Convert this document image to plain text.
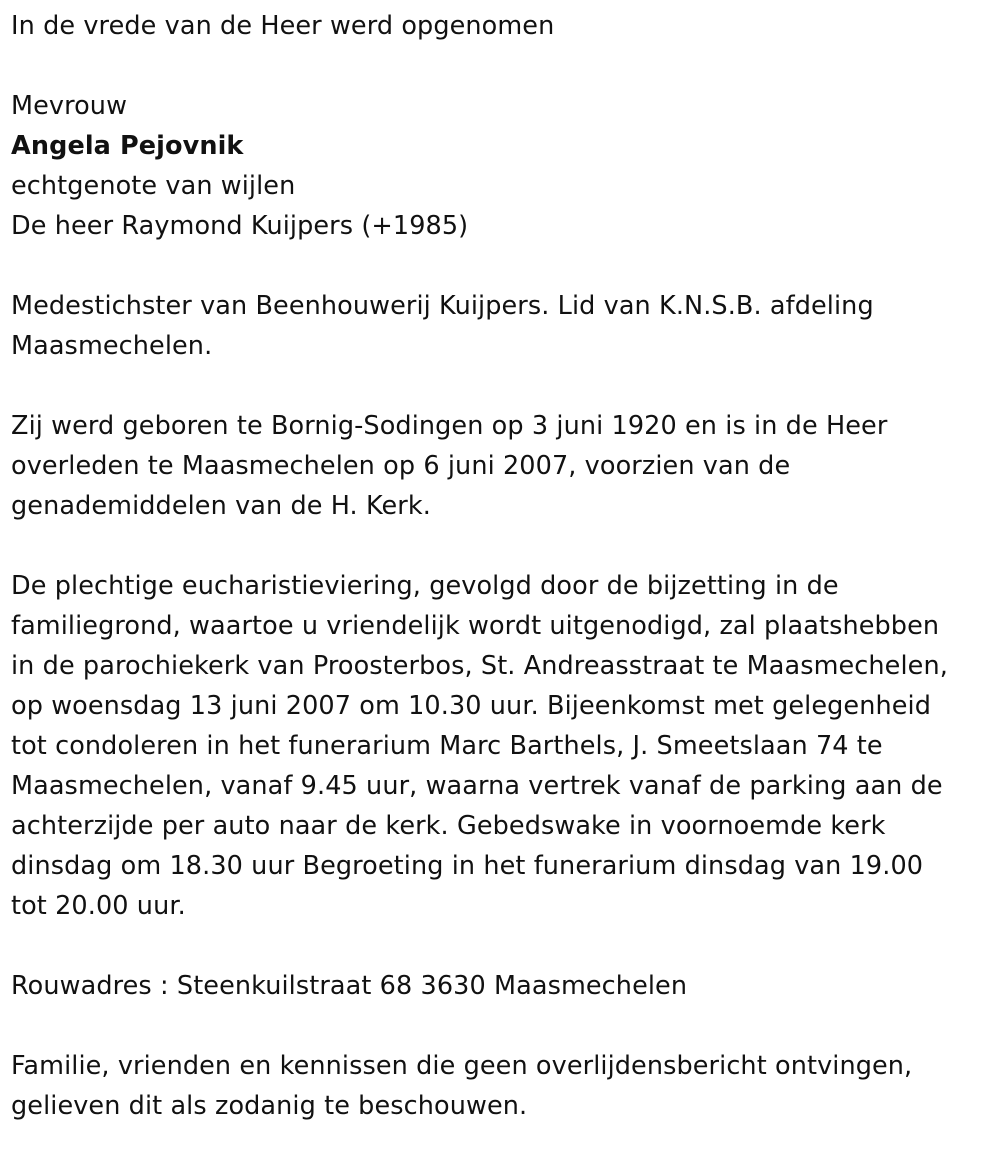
In de vrede van de Heer werd opgenomen
Mevrouw
Angela Pejovnik
echtgenote van wijlen
De heer Raymond Kuijpers (+1985)

Medestichster van Beenhouwerij Kuijpers. Lid van K.N.S.B. afdeling
Maasmechelen.

Zij werd geboren te Bornig-Sodingen op 3 juni 1920 en is in de Heer
overleden te Maasmechelen op 6 juni 2007, voorzien van de
genademiddelen van de H. Kerk.

De plechtige eucharistieviering, gevolgd door de bijzetting in de
familiegrond, waartoe u vriendelijk wordt uitgenodigd, zal plaatshebben
in de parochiekerk van Proosterbos, St. Andreasstraat te Maasmechelen,
op woensdag 13 juni 2007 om 10.30 uur. Bijeenkomst met gelegenheid
tot condoleren in het funerarium Marc Barthels, J. Smeetslaan 74 te
Maasmechelen, vanaf 9.45 uur, waarna vertrek vanaf de parking aan de
achterzijde per auto naar de kerk. Gebedswake in voornoemde kerk
dinsdag om 18.30 uur Begroeting in het funerarium dinsdag van 19.00
tot 20.00 uur.

Rouwadres : Steenkuilstraat 68 3630 Maasmechelen

Familie, vrienden en kennissen die geen overlijdensbericht ontvingen,
gelieven dit als zodanig te beschouwen.
